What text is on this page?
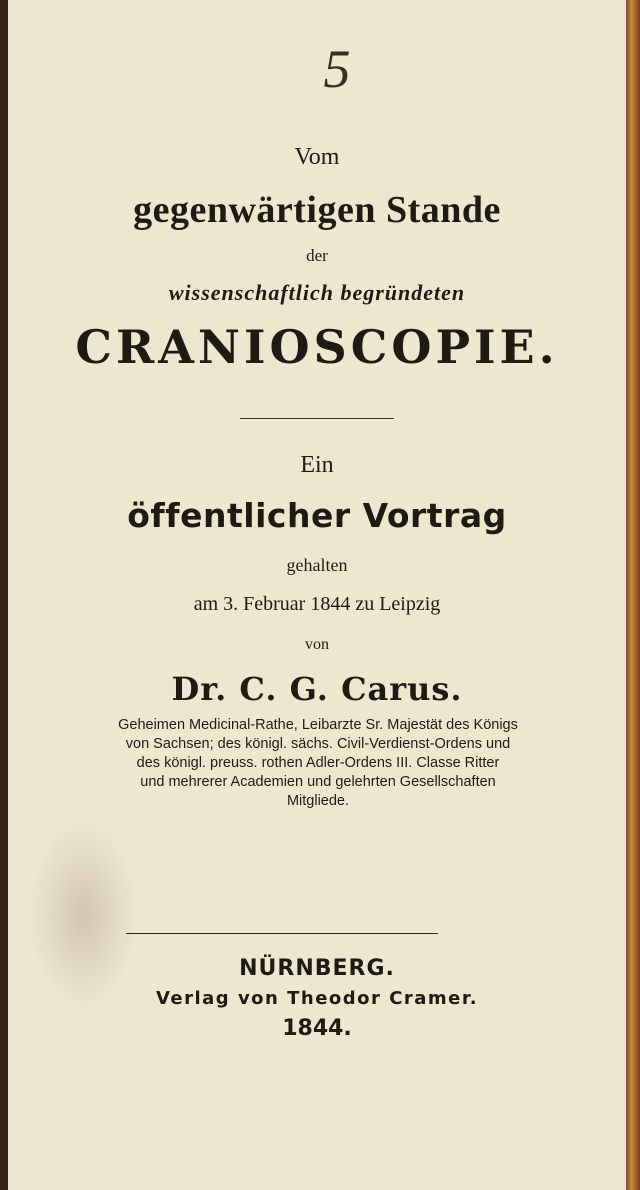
5
Vom
gegenwärtigen Stande
der
wissenschaftlich begründeten
CRANIOSCOPIE.
Ein
öffentlicher Vortrag
gehalten
am 3. Februar 1844 zu Leipzig
von
Dr. C. G. Carus.
Geheimen Medicinal-Rathe, Leibarzte Sr. Majestät des Königs
von Sachsen; des königl. sächs. Civil-Verdienst-Ordens und
des königl. preuss. rothen Adler-Ordens III. Classe Ritter
und mehrerer Academien und gelehrten Gesellschaften
Mitgliede.
NÜRNBERG.
Verlag von Theodor Cramer.
1844.
